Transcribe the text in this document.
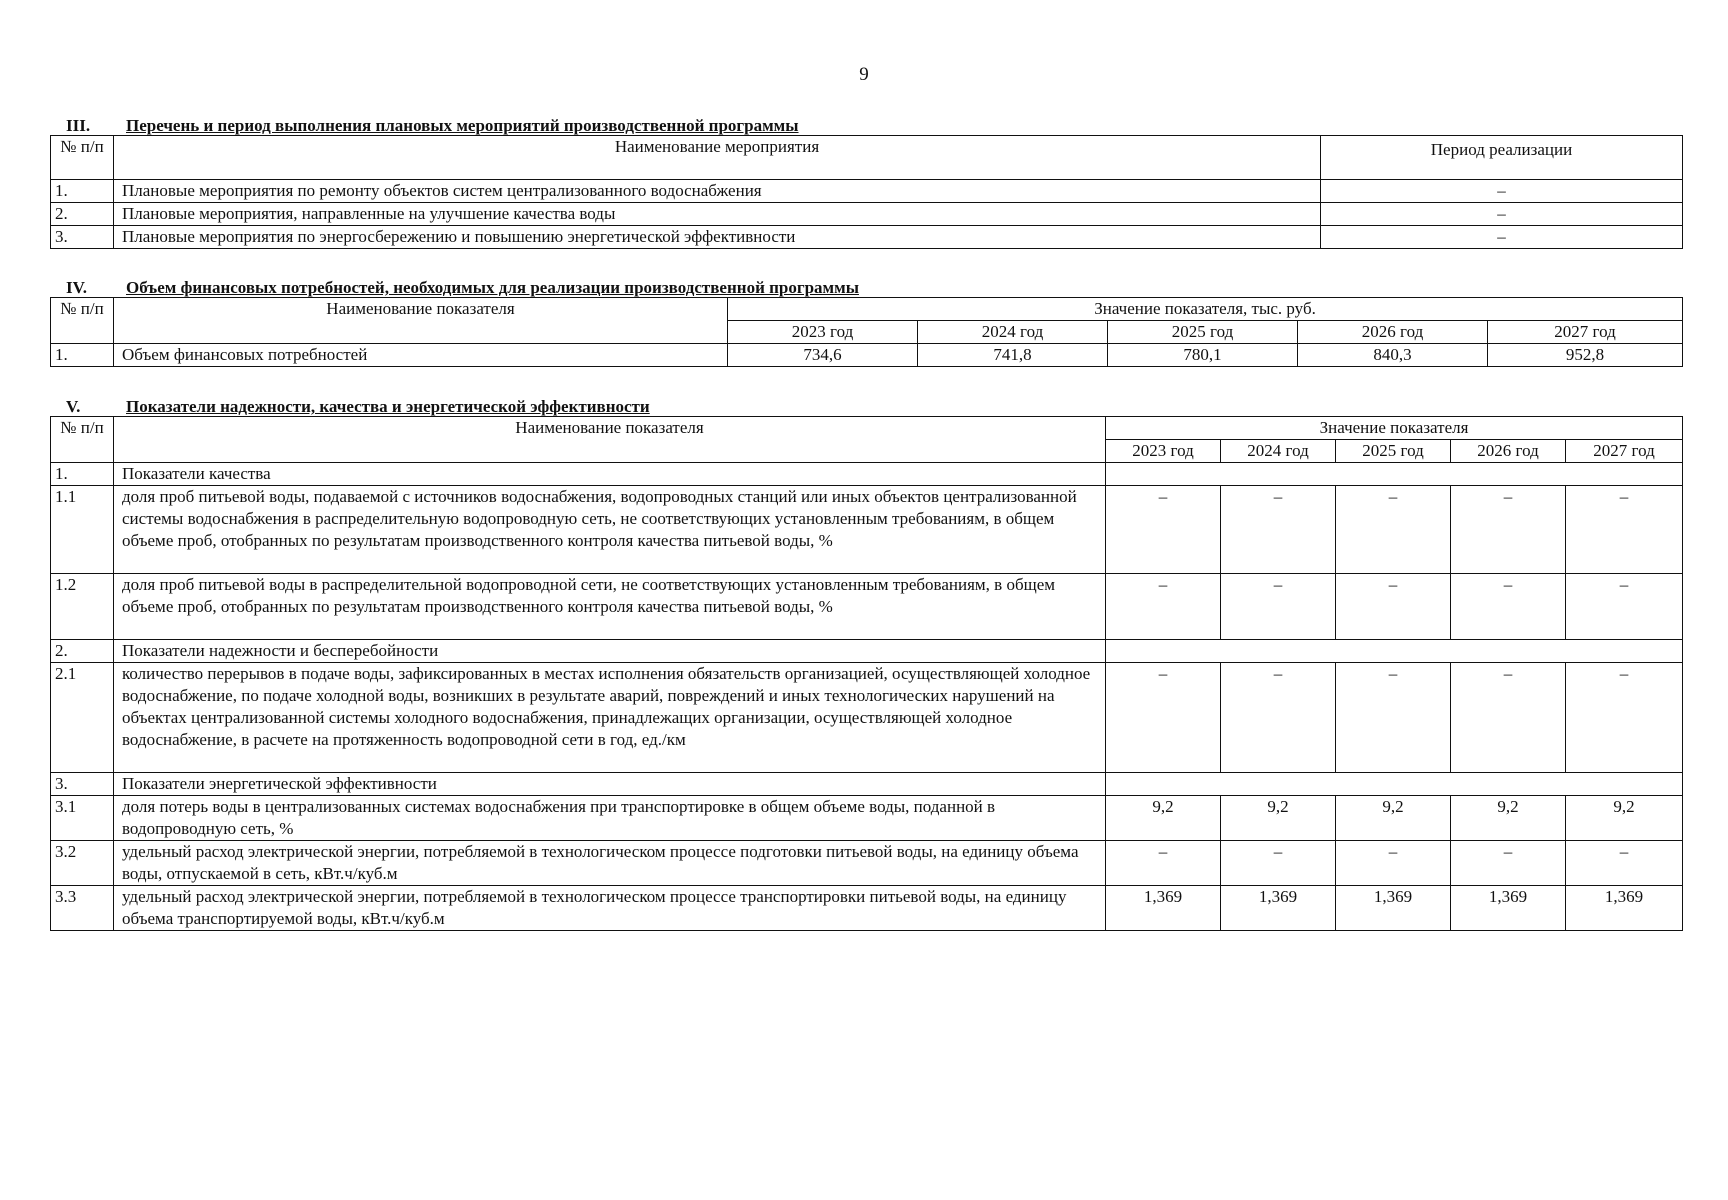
9
III.	Перечень и период выполнения плановых мероприятий производственной программы
№ п/п	Наименование мероприятия	Период реализации
1.	Плановые мероприятия по ремонту объектов систем централизованного водоснабжения	–
2.	Плановые мероприятия, направленные на улучшение качества воды	–
3.	Плановые мероприятия по энергосбережению и повышению энергетической эффективности	–
IV.	Объем финансовых потребностей, необходимых для реализации производственной программы
№ п/п	Наименование показателя	Значение показателя, тыс. руб.				
		2023 год	2024 год	2025 год	2026 год	2027 год
1.	Объем финансовых потребностей	734,6	741,8	780,1	840,3	952,8
V.	Показатели надежности, качества и энергетической эффективности
№ п/п	Наименование показателя	Значение показателя				
		2023 год	2024 год	2025 год	2026 год	2027 год
1.	Показатели качества					
1.1	доля проб питьевой воды, подаваемой с источников водоснабжения, водопроводных станций или иных объектов централизованной системы водоснабжения в распределительную водопроводную сеть, не соответствующих установленным требованиям, в общем объеме проб, отобранных по результатам производственного контроля качества питьевой воды, %	–	–	–	–	–
1.2	доля проб питьевой воды в распределительной водопроводной сети, не соответствующих установленным требованиям, в общем объеме проб, отобранных по результатам производственного контроля качества питьевой воды, %	–	–	–	–	–
2.	Показатели надежности и бесперебойности					
2.1	количество перерывов в подаче воды, зафиксированных в местах исполнения обязательств организацией, осуществляющей холодное водоснабжение, по подаче холодной воды, возникших в результате аварий, повреждений и иных технологических нарушений на объектах централизованной системы холодного водоснабжения, принадлежащих организации, осуществляющей холодное водоснабжение, в расчете на протяженность водопроводной сети в год, ед./км	–	–	–	–	–
3.	Показатели энергетической эффективности					
3.1	доля потерь воды в централизованных системах водоснабжения при транспортировке в общем объеме воды, поданной в водопроводную сеть, %	9,2	9,2	9,2	9,2	9,2
3.2	удельный расход электрической энергии, потребляемой в технологическом процессе подготовки питьевой воды, на единицу объема воды, отпускаемой в сеть, кВт.ч/куб.м	–	–	–	–	–
3.3	удельный расход электрической энергии, потребляемой в технологическом процессе транспортировки питьевой воды, на единицу объема транспортируемой воды, кВт.ч/куб.м	1,369	1,369	1,369	1,369	1,369
